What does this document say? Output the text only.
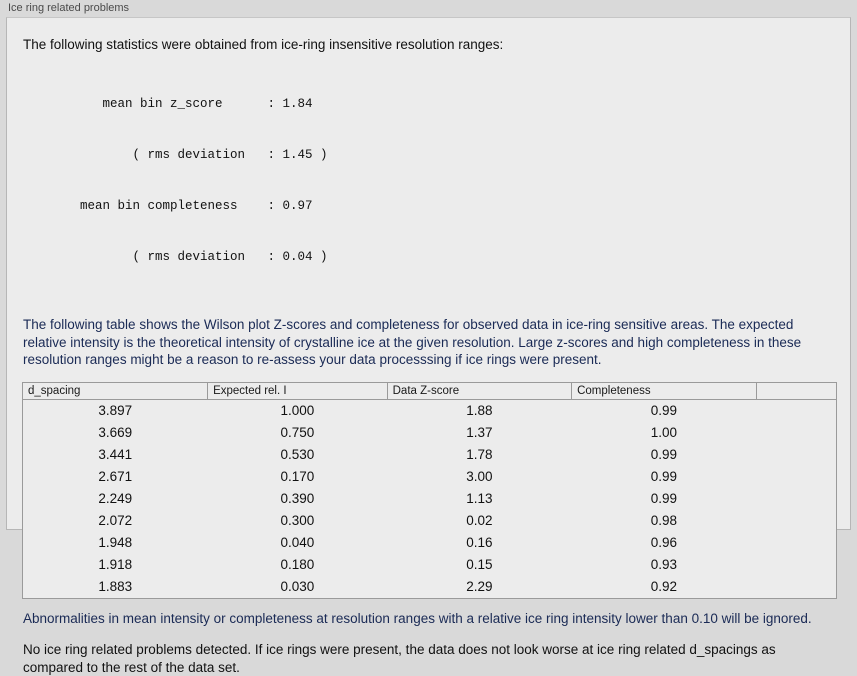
Ice ring related problems
The following statistics were obtained from ice-ring insensitive resolution ranges:

mean bin z_score      : 1.84

( rms deviation   : 1.45 )

mean bin completeness    : 0.97

( rms deviation   : 0.04 )

The following table shows the Wilson plot Z-scores and completeness for observed data in ice-ring sensitive areas. The expected relative intensity is the theoretical intensity of crystalline ice at the given resolution. Large z-scores and high completeness in these resolution ranges might be a reason to re-assess your data processsing if ice rings were present.
d_spacing	Expected rel. I	Data Z-score	Completeness	
3.897	1.000	1.88	0.99	
3.669	0.750	1.37	1.00	
3.441	0.530	1.78	0.99	
2.671	0.170	3.00	0.99	
2.249	0.390	1.13	0.99	
2.072	0.300	0.02	0.98	
1.948	0.040	0.16	0.96	
1.918	0.180	0.15	0.93	
1.883	0.030	2.29	0.92	
Abnormalities in mean intensity or completeness at resolution ranges with a relative ice ring intensity lower than 0.10 will be ignored.
No ice ring related problems detected. If ice rings were present, the data does not look worse at ice ring related d_spacings as compared to the rest of the data set.
